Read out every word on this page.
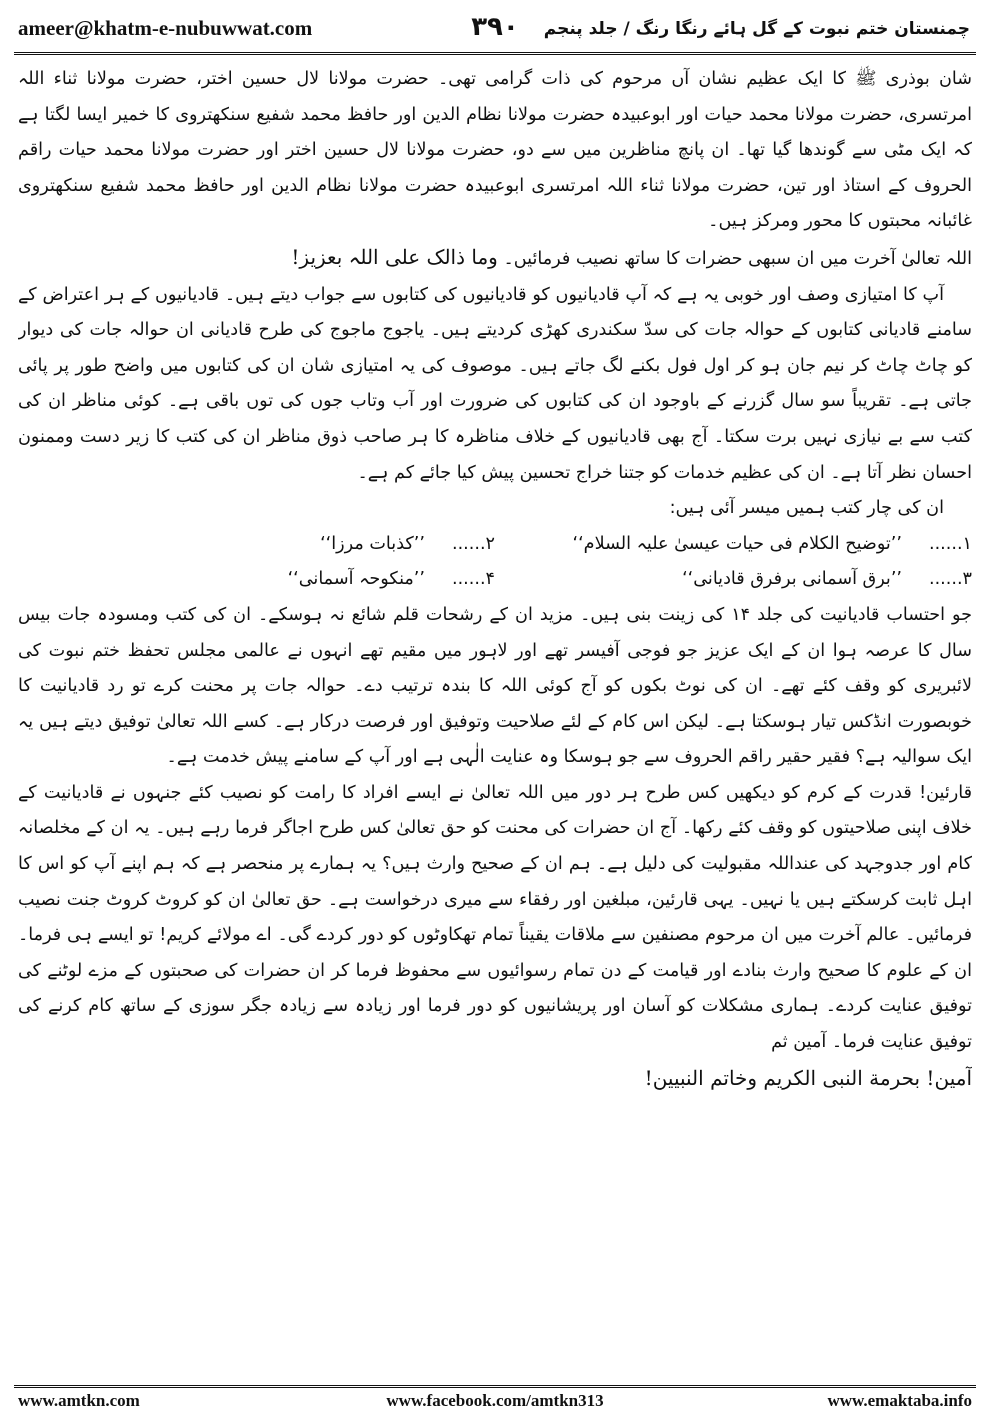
ameer@khatm-e-nubuwwat.com	۳۹۰	چمنستان ختم نبوت کے گل ہائے رنگا رنگ / جلد پنجم

شان بوذری ﷺ کا ایک عظیم نشان آں مرحوم کی ذات گرامی تھی۔ حضرت مولانا لال حسین اختر، حضرت مولانا ثناء اللہ امرتسری، حضرت مولانا محمد حیات اور ابوعبیدہ حضرت مولانا نظام الدین اور حافظ محمد شفیع سنکھتروی کا خمیر ایسا لگتا ہے کہ ایک مٹی سے گوندھا گیا تھا۔ ان پانچ مناظرین میں سے دو، حضرت مولانا لال حسین اختر اور حضرت مولانا محمد حیات راقم الحروف کے استاذ اور تین، حضرت مولانا ثناء اللہ امرتسری ابوعبیدہ حضرت مولانا نظام الدین اور حافظ محمد شفیع سنکھتروی غائبانہ محبتوں کا محور ومرکز ہیں۔

اللہ تعالیٰ آخرت میں ان سبھی حضرات کا ساتھ نصیب فرمائیں۔ وما ذالک علی اللہ بعزیز!

آپ کا امتیازی وصف اور خوبی یہ ہے کہ آپ قادیانیوں کو قادیانیوں کی کتابوں سے جواب دیتے ہیں۔ قادیانیوں کے ہر اعتراض کے سامنے قادیانی کتابوں کے حوالہ جات کی سدّ سکندری کھڑی کردیتے ہیں۔ یاجوج ماجوج کی طرح قادیانی ان حوالہ جات کی دیوار کو چاٹ چاٹ کر نیم جان ہو کر اول فول بکنے لگ جاتے ہیں۔ موصوف کی یہ امتیازی شان ان کی کتابوں میں واضح طور پر پائی جاتی ہے۔ تقریباً سو سال گزرنے کے باوجود ان کی کتابوں کی ضرورت اور آب وتاب جوں کی توں باقی ہے۔ کوئی مناظر ان کی کتب سے بے نیازی نہیں برت سکتا۔ آج بھی قادیانیوں کے خلاف مناظرہ کا ہر صاحب ذوق مناظر ان کی کتب کا زیر دست وممنون احسان نظر آتا ہے۔ ان کی عظیم خدمات کو جتنا خراج تحسین پیش کیا جائے کم ہے۔

ان کی چار کتب ہمیں میسر آئی ہیں:

۱......
’’توضیح الکلام فی حیات عیسیٰ علیہ السلام‘‘
۲......
’’کذبات مرزا‘‘
۳......
’’برق آسمانی برفرق قادیانی‘‘
۴......
’’منکوحہ آسمانی‘‘

جو احتساب قادیانیت کی جلد ۱۴ کی زینت بنی ہیں۔ مزید ان کے رشحات قلم شائع نہ ہوسکے۔ ان کی کتب ومسودہ جات بیس سال کا عرصہ ہوا ان کے ایک عزیز جو فوجی آفیسر تھے اور لاہور میں مقیم تھے انہوں نے عالمی مجلس تحفظ ختم نبوت کی لائبریری کو وقف کئے تھے۔ ان کی نوٹ بکوں کو آج کوئی اللہ کا بندہ ترتیب دے۔ حوالہ جات پر محنت کرے تو رد قادیانیت کا خوبصورت انڈکس تیار ہوسکتا ہے۔ لیکن اس کام کے لئے صلاحیت وتوفیق اور فرصت درکار ہے۔ کسے اللہ تعالیٰ توفیق دیتے ہیں یہ ایک سوالیہ ہے؟ فقیر حقیر راقم الحروف سے جو ہوسکا وہ عنایت الٰہی ہے اور آپ کے سامنے پیش خدمت ہے۔

قارئین! قدرت کے کرم کو دیکھیں کس طرح ہر دور میں اللہ تعالیٰ نے ایسے افراد کا رامت کو نصیب کئے جنہوں نے قادیانیت کے خلاف اپنی صلاحیتوں کو وقف کئے رکھا۔ آج ان حضرات کی محنت کو حق تعالیٰ کس طرح اجاگر فرما رہے ہیں۔ یہ ان کے مخلصانہ کام اور جدوجہد کی عنداللہ مقبولیت کی دلیل ہے۔ ہم ان کے صحیح وارث ہیں؟ یہ ہمارے پر منحصر ہے کہ ہم اپنے آپ کو اس کا اہل ثابت کرسکتے ہیں یا نہیں۔ یہی قارئین، مبلغین اور رفقاء سے میری درخواست ہے۔ حق تعالیٰ ان کو کروٹ کروٹ جنت نصیب فرمائیں۔ عالم آخرت میں ان مرحوم مصنفین سے ملاقات یقیناً تمام تھکاوٹوں کو دور کردے گی۔ اے مولائے کریم! تو ایسے ہی فرما۔ ان کے علوم کا صحیح وارث بنادے اور قیامت کے دن تمام رسوائیوں سے محفوظ فرما کر ان حضرات کی صحبتوں کے مزے لوٹنے کی توفیق عنایت کردے۔ ہماری مشکلات کو آسان اور پریشانیوں کو دور فرما اور زیادہ سے زیادہ جگر سوزی کے ساتھ کام کرنے کی توفیق عنایت فرما۔ آمین ثم

آمین! بحرمة النبی الکریم وخاتم النبیین!

www.amtkn.com	www.facebook.com/amtkn313	www.emaktaba.info
